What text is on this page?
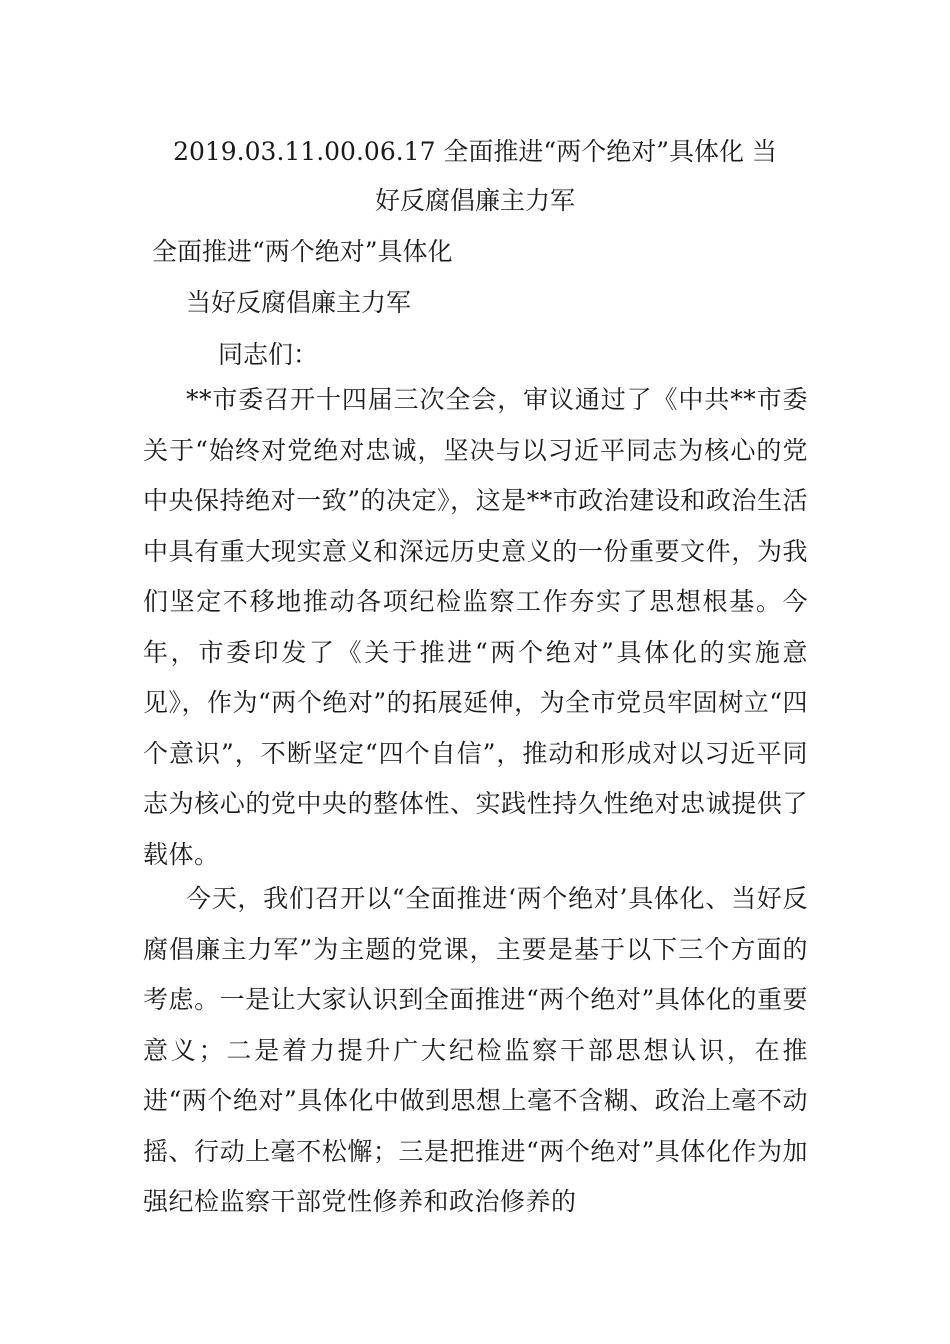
2019.03.11.00.06.17 全面推进“两个绝对”具体化 当
好反腐倡廉主力军
全面推进“两个绝对”具体化
当好反腐倡廉主力军
同志们：
**市委召开十四届三次全会，审议通过了《中共**市委关于“始终对党绝对忠诚，坚决与以习近平同志为核心的党中央保持绝对一致”的决定》，这是**市政治建设和政治生活中具有重大现实意义和深远历史意义的一份重要文件，为我们坚定不移地推动各项纪检监察工作夯实了思想根基。今年，市委印发了《关于推进“两个绝对”具体化的实施意见》，作为“两个绝对”的拓展延伸，为全市党员牢固树立“四个意识”，不断坚定“四个自信”，推动和形成对以习近平同志为核心的党中央的整体性、实践性持久性绝对忠诚提供了载体。
今天，我们召开以“全面推进‘两个绝对’具体化、当好反腐倡廉主力军”为主题的党课，主要是基于以下三个方面的考虑。一是让大家认识到全面推进“两个绝对”具体化的重要意义；二是着力提升广大纪检监察干部思想认识，在推进“两个绝对”具体化中做到思想上毫不含糊、政治上毫不动摇、行动上毫不松懈；三是把推进“两个绝对”具体化作为加强纪检监察干部党性修养和政治修养的
